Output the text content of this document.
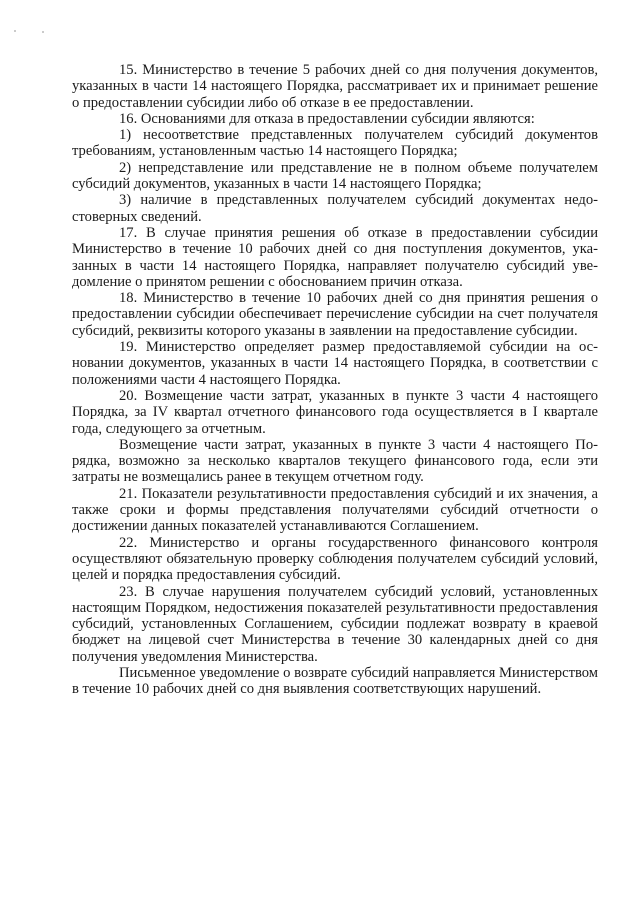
15. Министерство в течение 5 рабочих дней со дня получения документов, указанных в части 14 настоящего Порядка, рассматривает их и принимает решение о предоставлении субсидии либо об отказе в ее предоставлении.

16. Основаниями для отказа в предоставлении субсидии являются:

1) несоответствие представленных получателем субсидий документов требованиям, установленным частью 14 настоящего Порядка;

2) непредставление или представление не в полном объеме получателем субсидий документов, указанных в части 14 настоящего Порядка;

3) наличие в представленных получателем субсидий документах недостоверных сведений.

17. В случае принятия решения об отказе в предоставлении субсидии Министерство в течение 10 рабочих дней со дня поступления документов, указанных в части 14 настоящего Порядка, направляет получателю субсидий уведомление о принятом решении с обоснованием причин отказа.

18. Министерство в течение 10 рабочих дней со дня принятия решения о предоставлении субсидии обеспечивает перечисление субсидии на счет получателя субсидий, реквизиты которого указаны в заявлении на предоставление субсидии.

19. Министерство определяет размер предоставляемой субсидии на основании документов, указанных в части 14 настоящего Порядка, в соответствии с положениями части 4 настоящего Порядка.

20. Возмещение части затрат, указанных в пункте 3 части 4 настоящего Порядка, за IV квартал отчетного финансового года осуществляется в I квартале года, следующего за отчетным.

Возмещение части затрат, указанных в пункте 3 части 4 настоящего Порядка, возможно за несколько кварталов текущего финансового года, если эти затраты не возмещались ранее в текущем отчетном году.

21. Показатели результативности предоставления субсидий и их значения, а также сроки и формы представления получателями субсидий отчетности о достижении данных показателей устанавливаются Соглашением.

22. Министерство и органы государственного финансового контроля осуществляют обязательную проверку соблюдения получателем субсидий условий, целей и порядка предоставления субсидий.

23. В случае нарушения получателем субсидий условий, установленных настоящим Порядком, недостижения показателей результативности предоставления субсидий, установленных Соглашением, субсидии подлежат возврату в краевой бюджет на лицевой счет Министерства в течение 30 календарных дней со дня получения уведомления Министерства.

Письменное уведомление о возврате субсидий направляется Министерством в течение 10 рабочих дней со дня выявления соответствующих нарушений.
